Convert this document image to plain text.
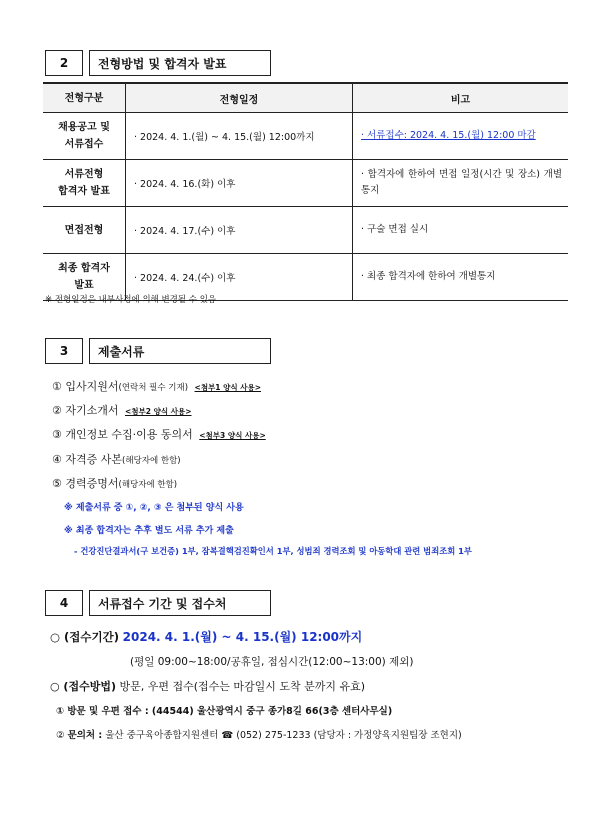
2	전형방법 및 합격자 발표
전형구분	전형일정	비고
채용공고 및
서류접수	· 2024. 4. 1.(월) ~ 4. 15.(월) 12:00까지	· 서류접수: 2024. 4. 15.(월) 12:00 마감
서류전형
합격자 발표	· 2024. 4. 16.(화) 이후	· 합격자에 한하여 면접 일정(시간 및 장소) 개별 통지
면접전형	· 2024. 4. 17.(수) 이후	· 구술 면접 실시
최종 합격자
발표	· 2024. 4. 24.(수) 이후	· 최종 합격자에 한하여 개별통지
※ 전형일정은 내부사정에 의해 변경될 수 있음
3	제출서류
① 입사지원서(연락처 필수 기재) <첨부1 양식 사용>
② 자기소개서 <첨부2 양식 사용>
③ 개인정보 수집·이용 동의서 <첨부3 양식 사용>
④ 자격증 사본(해당자에 한함)
⑤ 경력증명서(해당자에 한함)
※ 제출서류 중 ①, ②, ③ 은 첨부된 양식 사용
※ 최종 합격자는 추후 별도 서류 추가 제출
- 건강진단결과서(구 보건증) 1부, 잠복결핵검진확인서 1부, 성범죄 경력조회 및 아동학대 관련 범죄조회 1부
4	서류접수 기간 및 접수처
○ (접수기간) 2024. 4. 1.(월) ~ 4. 15.(월) 12:00까지
(평일 09:00~18:00/공휴일, 점심시간(12:00~13:00) 제외)
○ (접수방법) 방문, 우편 접수(접수는 마감일시 도착 분까지 유효)
① 방문 및 우편 접수 : (44544) 울산광역시 중구 종가8길 66(3층 센터사무실)
② 문의처 : 울산 중구육아종합지원센터 ☎ (052) 275-1233 (담당자 : 가정양육지원팀장 조현지)
